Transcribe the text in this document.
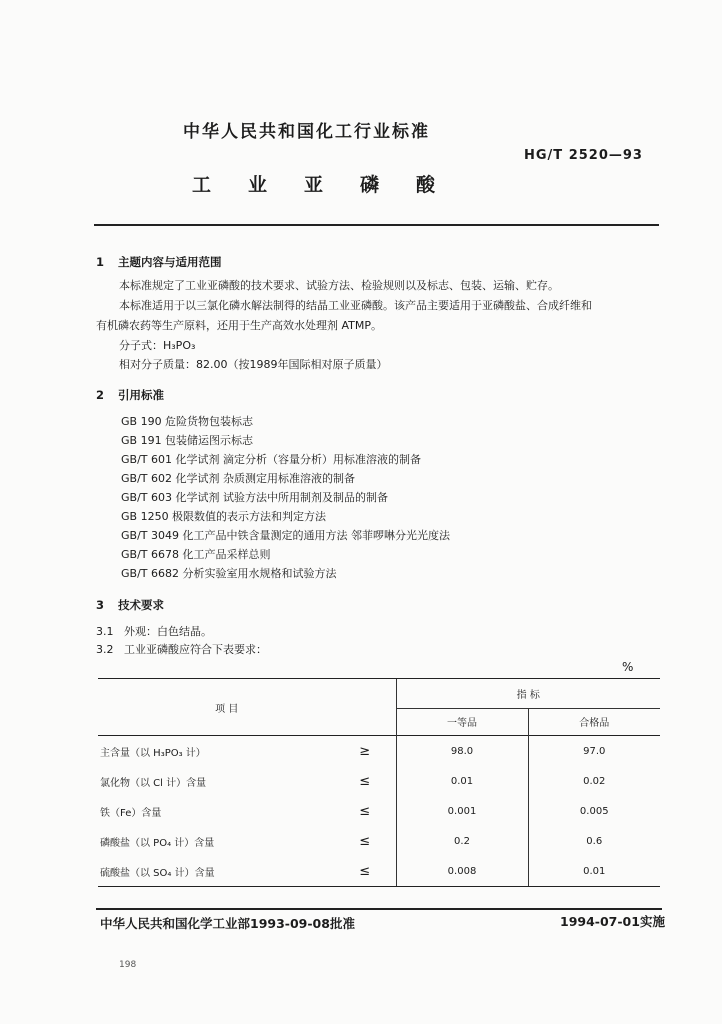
中华人民共和国化工行业标准
HG/T 2520—93
工业亚磷酸
1 主题内容与适用范围
本标准规定了工业亚磷酸的技术要求、试验方法、检验规则以及标志、包装、运输、贮存。
本标准适用于以三氯化磷水解法制得的结晶工业亚磷酸。该产品主要适用于亚磷酸盐、合成纤维和
有机磷农药等生产原料，还用于生产高效水处理剂 ATMP。
分子式：H₃PO₃
相对分子质量：82.00（按1989年国际相对原子质量）
2 引用标准
GB 190 危险货物包装标志
GB 191 包装储运图示标志
GB/T 601 化学试剂 滴定分析（容量分析）用标准溶液的制备
GB/T 602 化学试剂 杂质测定用标准溶液的制备
GB/T 603 化学试剂 试验方法中所用制剂及制品的制备
GB 1250 极限数值的表示方法和判定方法
GB/T 3049 化工产品中铁含量测定的通用方法 邻菲啰啉分光光度法
GB/T 6678 化工产品采样总则
GB/T 6682 分析实验室用水规格和试验方法
3 技术要求
3.1 外观：白色结晶。
3.2 工业亚磷酸应符合下表要求：
%
项 目		指 标	
		一等品	合格品
主含量（以 H₃PO₃ 计）	≥	98.0	97.0
氯化物（以 Cl 计）含量	≤	0.01	0.02
铁（Fe）含量	≤	0.001	0.005
磷酸盐（以 PO₄ 计）含量	≤	0.2	0.6
硫酸盐（以 SO₄ 计）含量	≤	0.008	0.01
中华人民共和国化学工业部1993-09-08批准	1994-07-01实施
198
